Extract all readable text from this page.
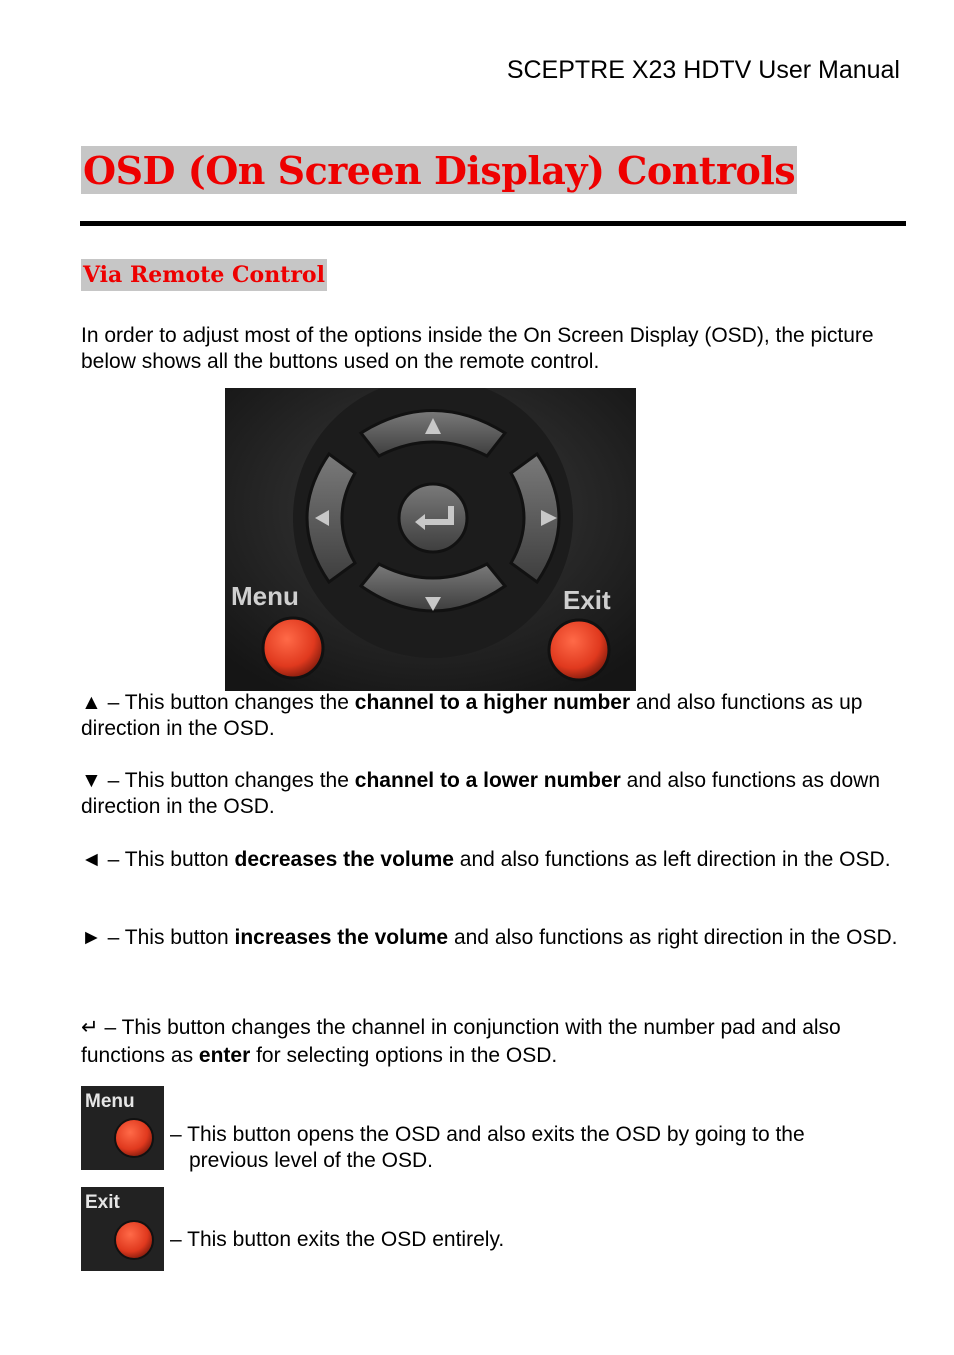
SCEPTRE X23 HDTV User Manual
OSD (On Screen Display) Controls
Via Remote Control
In order to adjust most of the options inside the On Screen Display (OSD), the picture below shows all the buttons used on the remote control.
Menu	Exit
▲ – This button changes the channel to a higher number and also functions as up direction in the OSD.
▼ – This button changes the channel to a lower number and also functions as down direction in the OSD.
◄ – This button decreases the volume and also functions as left direction in the OSD.
► – This button increases the volume and also functions as right direction in the OSD.
↵ – This button changes the channel in conjunction with the number pad and also functions as enter for selecting options in the OSD.
Menu
– This button opens the OSD and also exits the OSD by going to the
previous level of the OSD.
Exit
– This button exits the OSD entirely.
